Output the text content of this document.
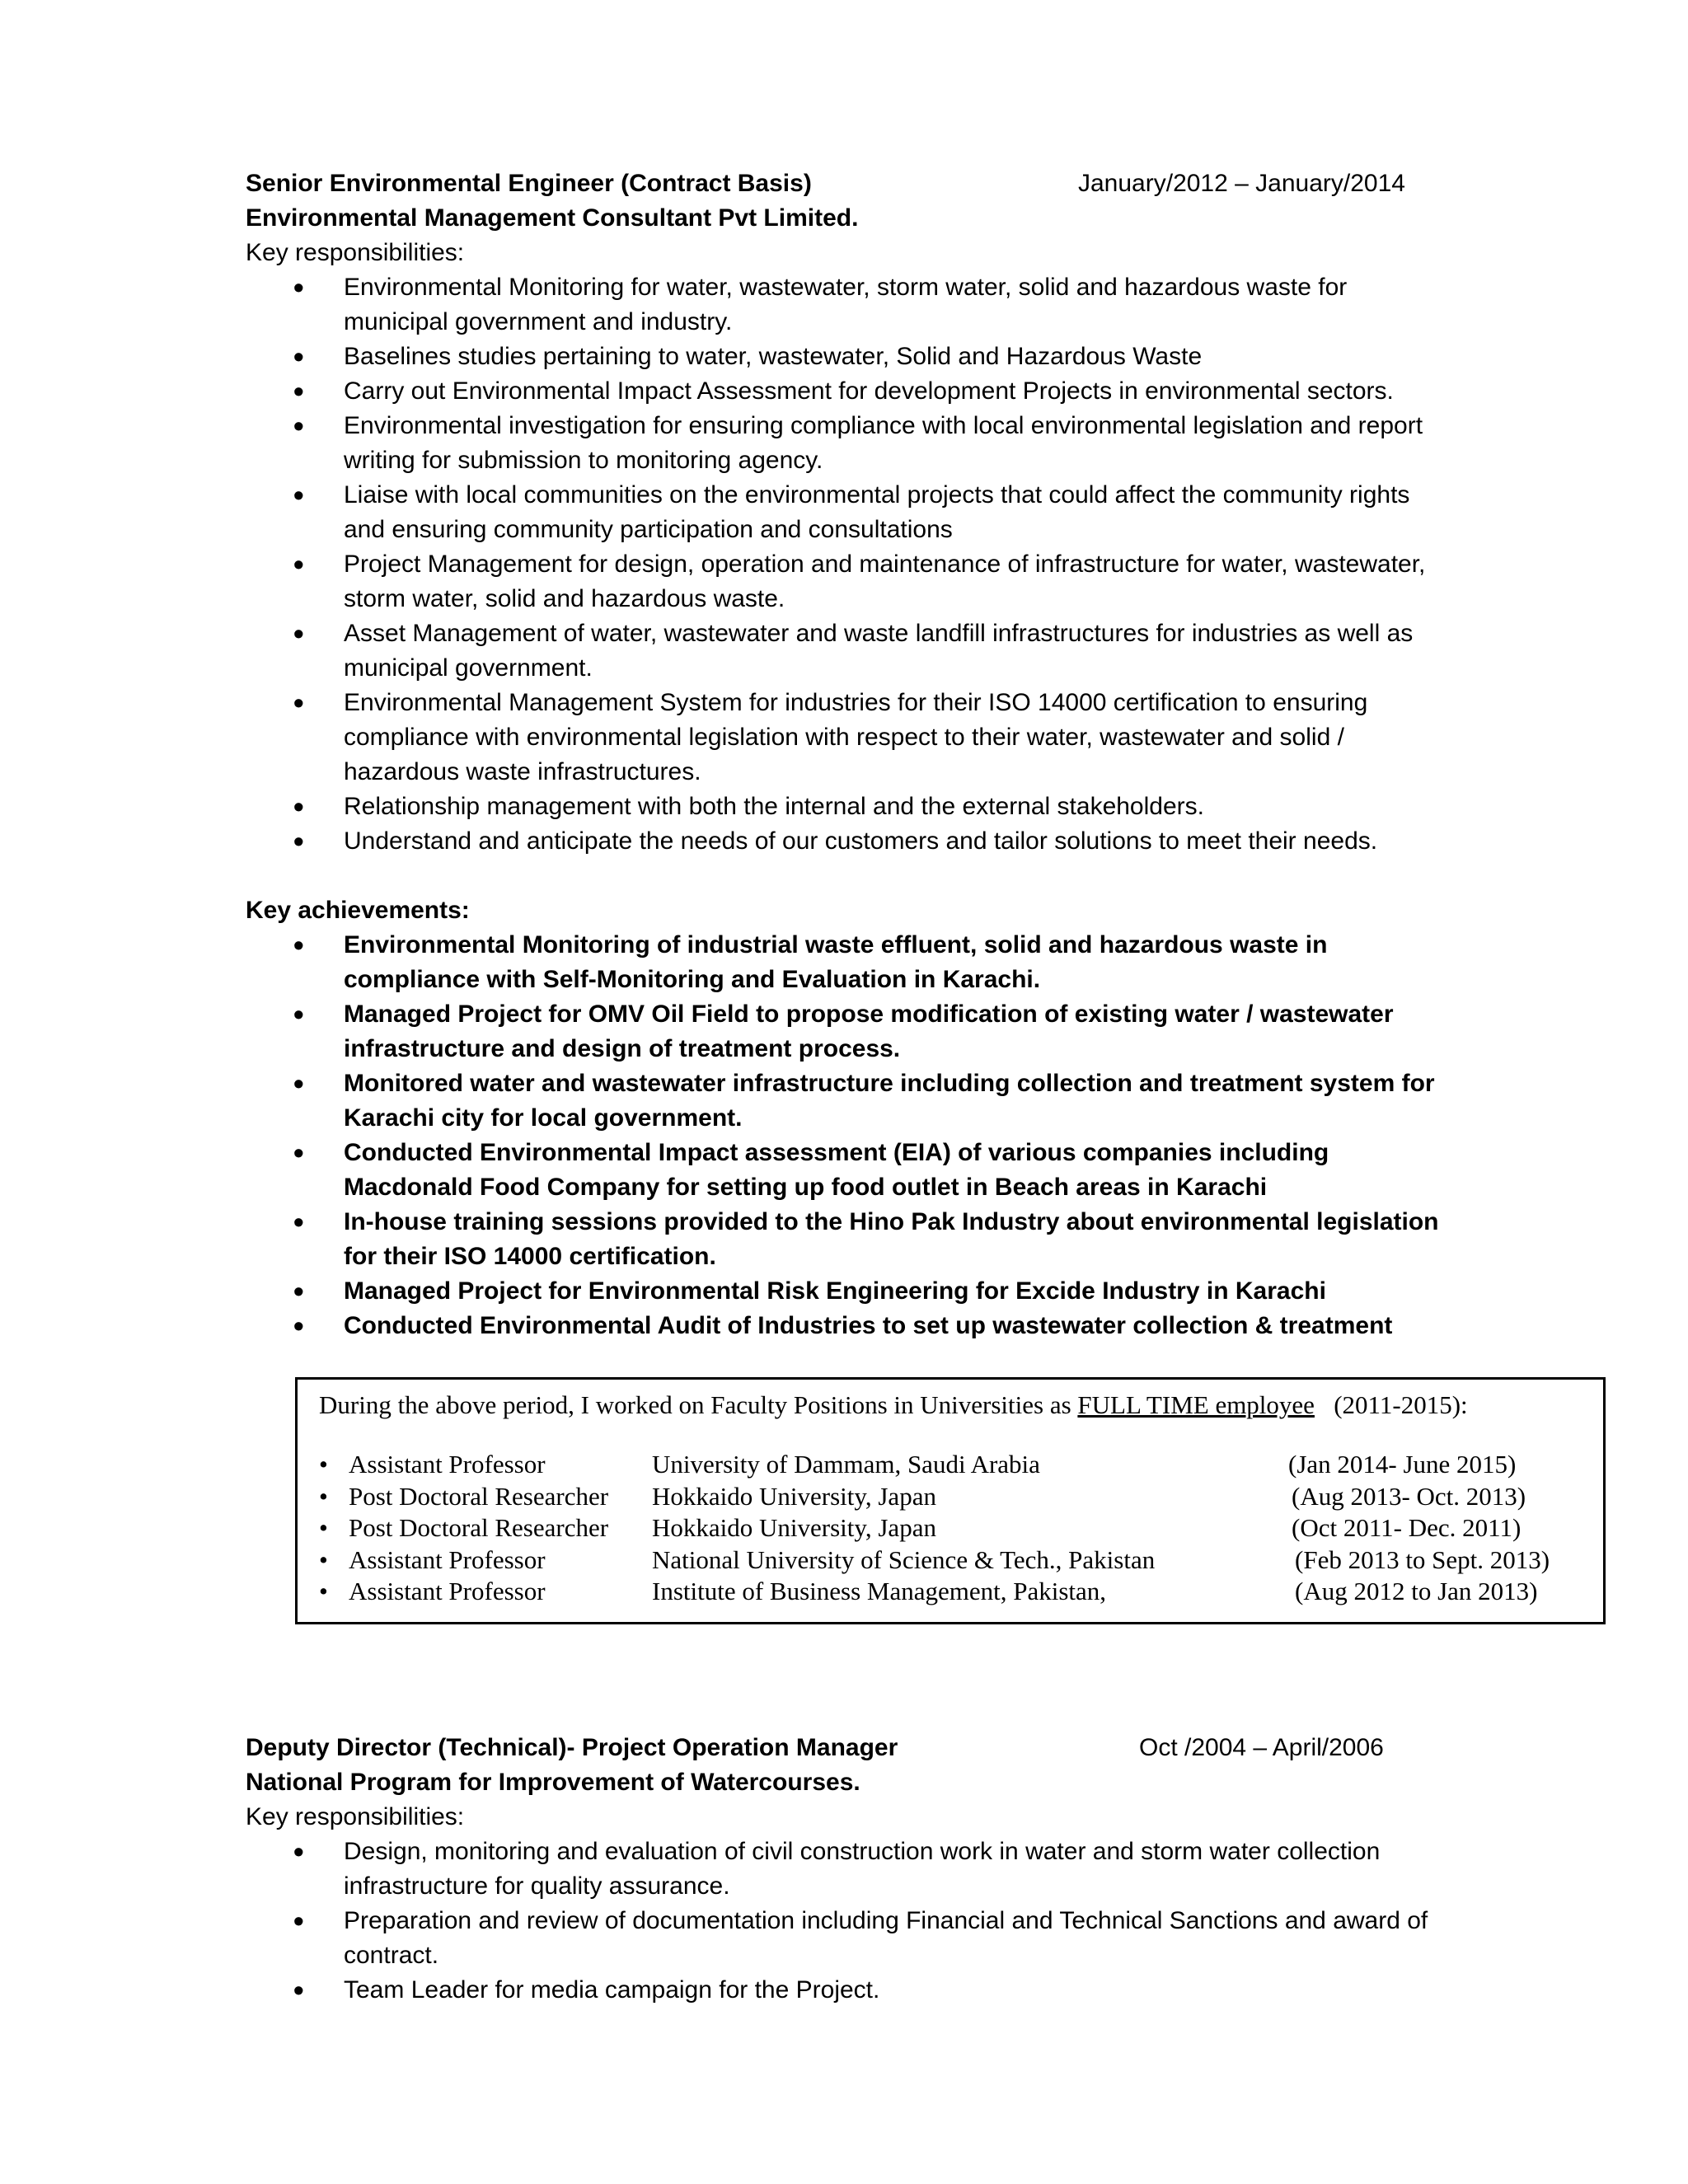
Senior Environmental Engineer (Contract Basis)	January/2012 – January/2014
Environmental Management Consultant Pvt Limited.
Key responsibilities:
• Environmental Monitoring for water, wastewater, storm water, solid and hazardous waste for municipal government and industry.
• Baselines studies pertaining to water, wastewater, Solid and Hazardous Waste
• Carry out Environmental Impact Assessment for development Projects in environmental sectors.
• Environmental investigation for ensuring compliance with local environmental legislation and report writing for submission to monitoring agency.
• Liaise with local communities on the environmental projects that could affect the community rights and ensuring community participation and consultations
• Project Management for design, operation and maintenance of infrastructure for water, wastewater, storm water, solid and hazardous waste.
• Asset Management of water, wastewater and waste landfill infrastructures for industries as well as municipal government.
• Environmental Management System for industries for their ISO 14000 certification to ensuring compliance with environmental legislation with respect to their water, wastewater and solid / hazardous waste infrastructures.
• Relationship management with both the internal and the external stakeholders.
• Understand and anticipate the needs of our customers and tailor solutions to meet their needs.
Key achievements:
• Environmental Monitoring of industrial waste effluent, solid and hazardous waste in compliance with Self-Monitoring and Evaluation in Karachi.
• Managed Project for OMV Oil Field to propose modification of existing water / wastewater infrastructure and design of treatment process.
• Monitored water and wastewater infrastructure including collection and treatment system for Karachi city for local government.
• Conducted Environmental Impact assessment (EIA) of various companies including Macdonald Food Company for setting up food outlet in Beach areas in Karachi
• In-house training sessions provided to the Hino Pak Industry about environmental legislation for their ISO 14000 certification.
• Managed Project for Environmental Risk Engineering for Excide Industry in Karachi
• Conducted Environmental Audit of Industries to set up wastewater collection & treatment
During the above period, I worked on Faculty Positions in Universities as FULL TIME employee   (2011-2015):
• Assistant Professor	University of Dammam, Saudi Arabia	(Jan 2014- June 2015)
• Post Doctoral Researcher Hokkaido University, Japan	(Aug 2013- Oct. 2013)
• Post Doctoral Researcher Hokkaido University, Japan	(Oct 2011- Dec. 2011)
• Assistant Professor	National University of Science & Tech., Pakistan	(Feb 2013 to Sept. 2013)
• Assistant Professor	Institute of Business Management, Pakistan,	(Aug 2012 to Jan 2013)
Deputy Director (Technical)- Project Operation Manager	Oct /2004 – April/2006
National Program for Improvement of Watercourses.
Key responsibilities:
• Design, monitoring and evaluation of civil construction work in water and storm water collection infrastructure for quality assurance.
• Preparation and review of documentation including Financial and Technical Sanctions and award of contract.
• Team Leader for media campaign for the Project.
